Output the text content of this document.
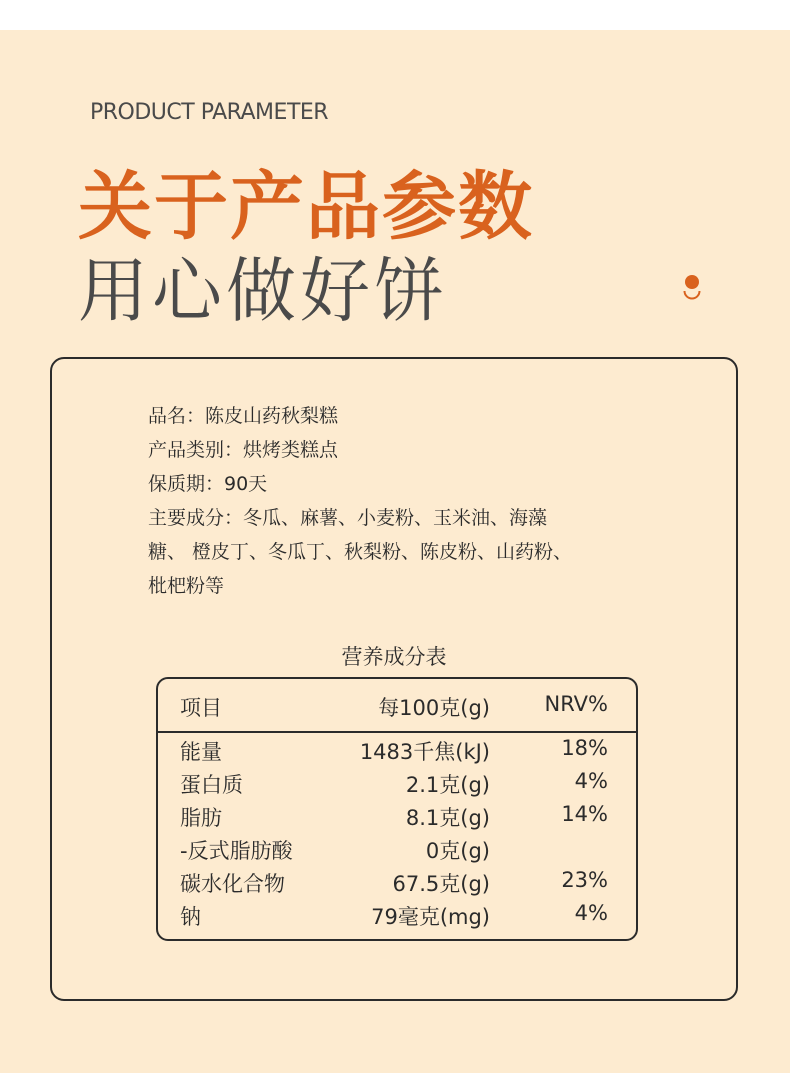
PRODUCT PARAMETER
关于产品参数
用心做好饼
品名：陈皮山药秋梨糕
产品类别：烘烤类糕点
保质期：90天
主要成分：冬瓜、麻薯、小麦粉、玉米油、海藻
糖、 橙皮丁、冬瓜丁、秋梨粉、陈皮粉、山药粉、
枇杷粉等
营养成分表
项目	每100克(g)	NRV%
能量	1483千焦(kJ)	18%
蛋白质	2.1克(g)	4%
脂肪	8.1克(g)	14%
-反式脂肪酸	0克(g)
碳水化合物	67.5克(g)	23%
钠	79毫克(mg)	4%
